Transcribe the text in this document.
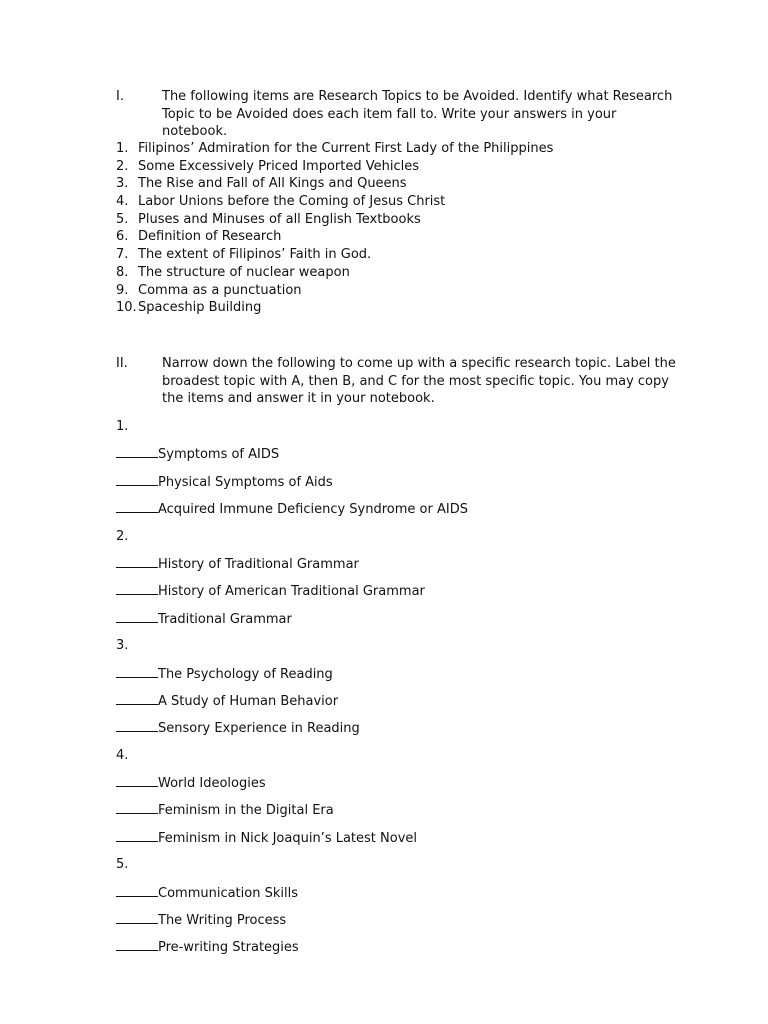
I.	The following items are Research Topics to be Avoided. Identify what Research Topic to be Avoided does each item fall to. Write your answers in your notebook.
1. Filipinos’ Admiration for the Current First Lady of the Philippines
2. Some Excessively Priced Imported Vehicles
3. The Rise and Fall of All Kings and Queens
4. Labor Unions before the Coming of Jesus Christ
5. Pluses and Minuses of all English Textbooks
6. Definition of Research
7. The extent of Filipinos’ Faith in God.
8. The structure of nuclear weapon
9. Comma as a punctuation
10.Spaceship Building
II.	Narrow down the following to come up with a specific research topic. Label the broadest topic with A, then B, and C for the most specific topic. You may copy the items and answer it in your notebook.
1.
Symptoms of AIDS
Physical Symptoms of Aids
Acquired Immune Deficiency Syndrome or AIDS
2.
History of Traditional Grammar
History of American Traditional Grammar
Traditional Grammar
3.
The Psychology of Reading
A Study of Human Behavior
Sensory Experience in Reading
4.
World Ideologies
Feminism in the Digital Era
Feminism in Nick Joaquin’s Latest Novel
5.
Communication Skills
The Writing Process
Pre-writing Strategies
